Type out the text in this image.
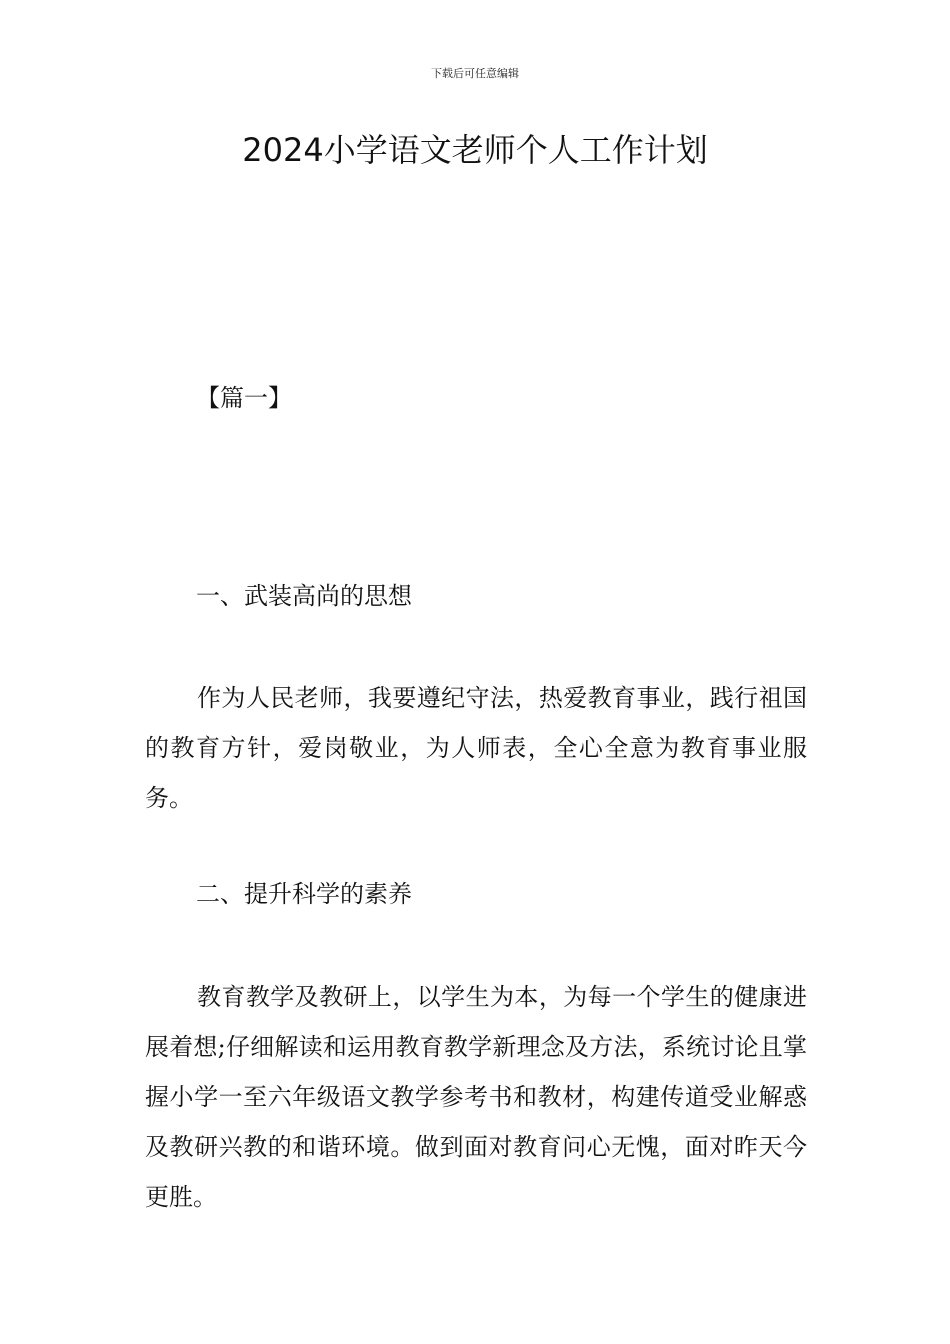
下载后可任意编辑
2024小学语文老师个人工作计划
【篇一】
一、武装高尚的思想

作为人民老师，我要遵纪守法，热爱教育事业，践行祖国的教育方针，爱岗敬业，为人师表，全心全意为教育事业服务。

二、提升科学的素养

教育教学及教研上，以学生为本，为每一个学生的健康进展着想;仔细解读和运用教育教学新理念及方法，系统讨论且掌握小学一至六年级语文教学参考书和教材，构建传道受业解惑及教研兴教的和谐环境。做到面对教育问心无愧，面对昨天今更胜。
